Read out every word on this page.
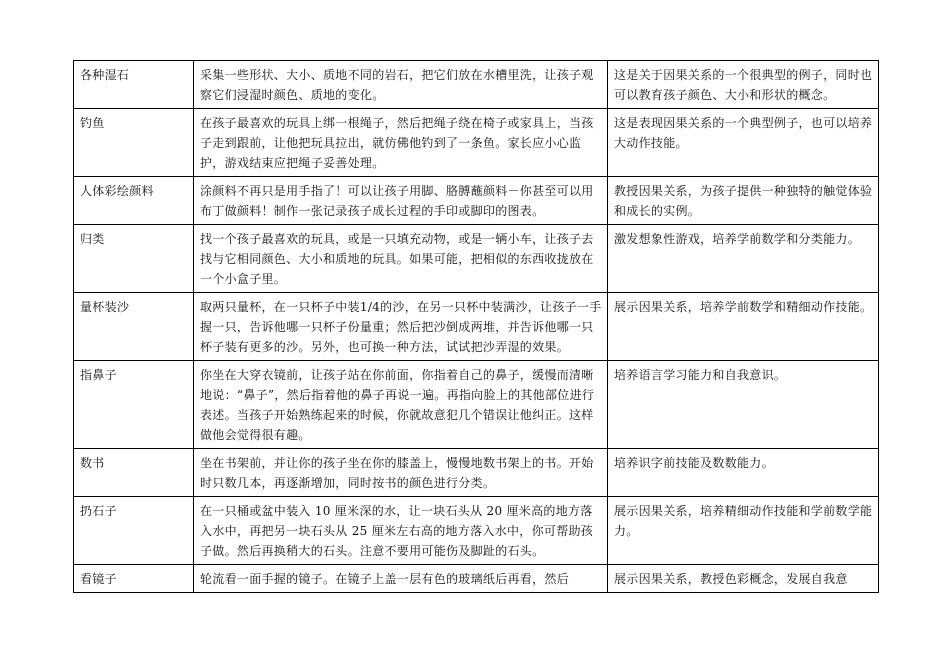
各种湿石	采集一些形状、大小、质地不同的岩石，把它们放在水槽里洗，让孩子观察它们浸湿时颜色、质地的变化。	这是关于因果关系的一个很典型的例子，同时也可以教育孩子颜色、大小和形状的概念。
钓鱼	在孩子最喜欢的玩具上绑一根绳子，然后把绳子绕在椅子或家具上，当孩子走到跟前，让他把玩具拉出，就仿佛他钓到了一条鱼。家长应小心监护，游戏结束应把绳子妥善处理。	这是表现因果关系的一个典型例子，也可以培养大动作技能。
人体彩绘颜料	涂颜料不再只是用手指了！可以让孩子用脚、胳膊蘸颜料－你甚至可以用布丁做颜料！制作一张记录孩子成长过程的手印或脚印的图表。	教授因果关系，为孩子提供一种独特的触觉体验和成长的实例。
归类	找一个孩子最喜欢的玩具，或是一只填充动物，或是一辆小车，让孩子去找与它相同颜色、大小和质地的玩具。如果可能，把相似的东西收拢放在一个小盒子里。	激发想象性游戏，培养学前数学和分类能力。
量杯装沙	取两只量杯，在一只杯子中装1/4的沙，在另一只杯中装满沙，让孩子一手握一只，告诉他哪一只杯子份量重；然后把沙倒成两堆，并告诉他哪一只杯子装有更多的沙。另外，也可换一种方法，试试把沙弄湿的效果。	展示因果关系，培养学前数学和精细动作技能。
指鼻子	你坐在大穿衣镜前，让孩子站在你前面，你指着自己的鼻子，缓慢而清晰地说：“鼻子”，然后指着他的鼻子再说一遍。再指向脸上的其他部位进行表述。当孩子开始熟练起来的时候，你就故意犯几个错误让他纠正。这样做他会觉得很有趣。	培养语言学习能力和自我意识。
数书	坐在书架前，并让你的孩子坐在你的膝盖上，慢慢地数书架上的书。开始时只数几本，再逐渐增加，同时按书的颜色进行分类。	培养识字前技能及数数能力。
扔石子	在一只桶或盆中装入 10 厘米深的水，让一块石头从 20 厘米高的地方落入水中，再把另一块石头从 25 厘米左右高的地方落入水中，你可帮助孩子做。然后再换稍大的石头。注意不要用可能伤及脚趾的石头。	展示因果关系，培养精细动作技能和学前数学能力。
看镜子	轮流看一面手握的镜子。在镜子上盖一层有色的玻璃纸后再看，然后	展示因果关系，教授色彩概念，发展自我意
